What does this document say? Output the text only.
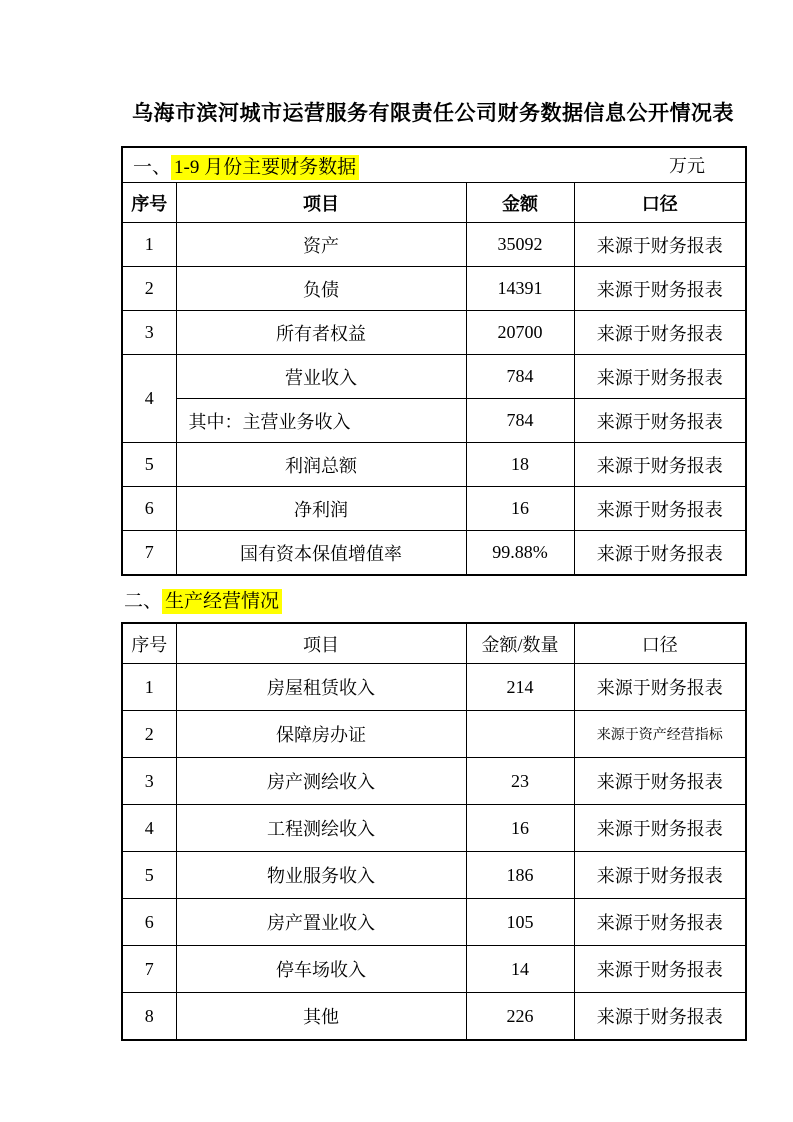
乌海市滨河城市运营服务有限责任公司财务数据信息公开情况表
一、 1-9 月份主要财务数据 万元			

序号	项目	金额	口径
1	资产	35092	来源于财务报表
2	负债	14391	来源于财务报表
3	所有者权益	20700	来源于财务报表
4	营业收入	784	来源于财务报表
	其中：主营业务收入	784	来源于财务报表
5	利润总额	18	来源于财务报表
6	净利润	16	来源于财务报表
7	国有资本保值增值率	99.88%	来源于财务报表

二、 生产经营情况

序号	项目	金额/数量	口径
1	房屋租赁收入	214	来源于财务报表
2	保障房办证		来源于资产经营指标
3	房产测绘收入	23	来源于财务报表
4	工程测绘收入	16	来源于财务报表
5	物业服务收入	186	来源于财务报表
6	房产置业收入	105	来源于财务报表
7	停车场收入	14	来源于财务报表
8	其他	226	来源于财务报表
